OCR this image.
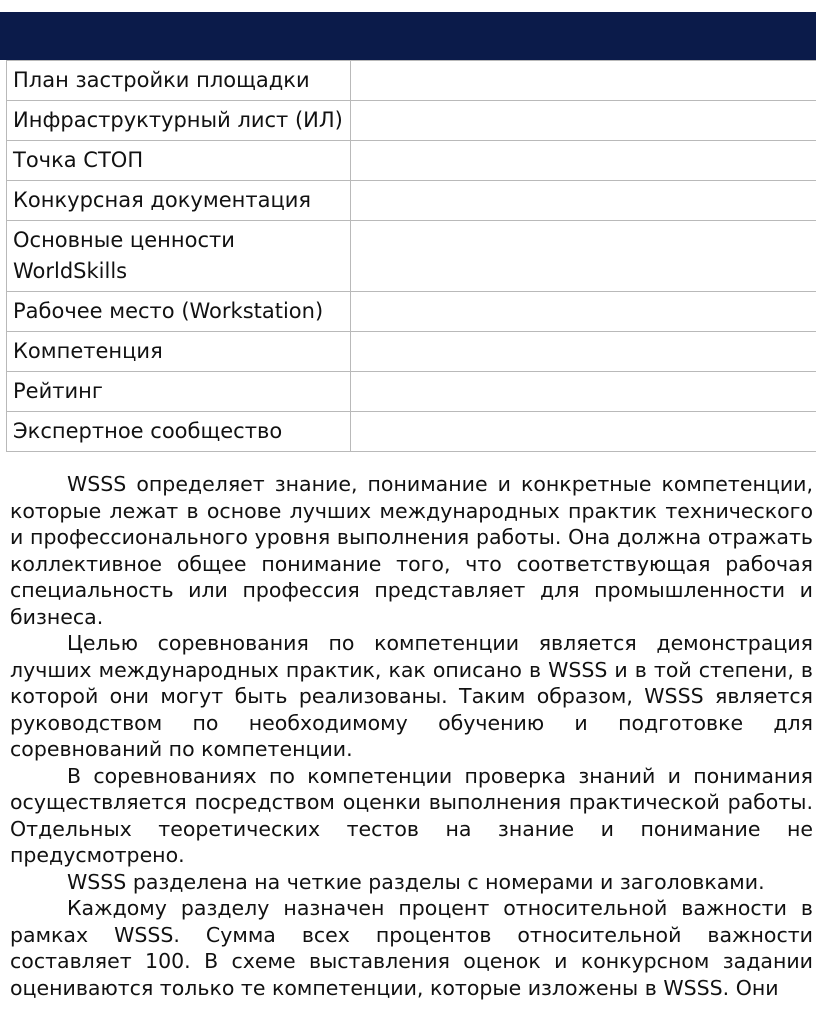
План застройки площадки	
Инфраструктурный лист (ИЛ)	
Точка СТОП	
Конкурсная документация	
Основные ценности WorldSkills	
Рабочее место (Workstation)	
Компетенция	
Рейтинг	
Экспертное сообщество	

WSSS определяет знание, понимание и конкретные компетенции, которые лежат в основе лучших международных практик технического и профессионального уровня выполнения работы. Она должна отражать коллективное общее понимание того, что соответствующая рабочая специальность или профессия представляет для промышленности и бизнеса.

Целью соревнования по компетенции является демонстрация лучших международных практик, как описано в WSSS и в той степени, в которой они могут быть реализованы. Таким образом, WSSS является руководством по необходимому обучению и подготовке для соревнований по компетенции.

В соревнованиях по компетенции проверка знаний и понимания осуществляется посредством оценки выполнения практической работы. Отдельных теоретических тестов на знание и понимание не предусмотрено.

WSSS разделена на четкие разделы с номерами и заголовками.

Каждому разделу назначен процент относительной важности в рамках WSSS. Сумма всех процентов относительной важности составляет 100. В схеме выставления оценок и конкурсном задании оцениваются только те компетенции, которые изложены в WSSS. Они
